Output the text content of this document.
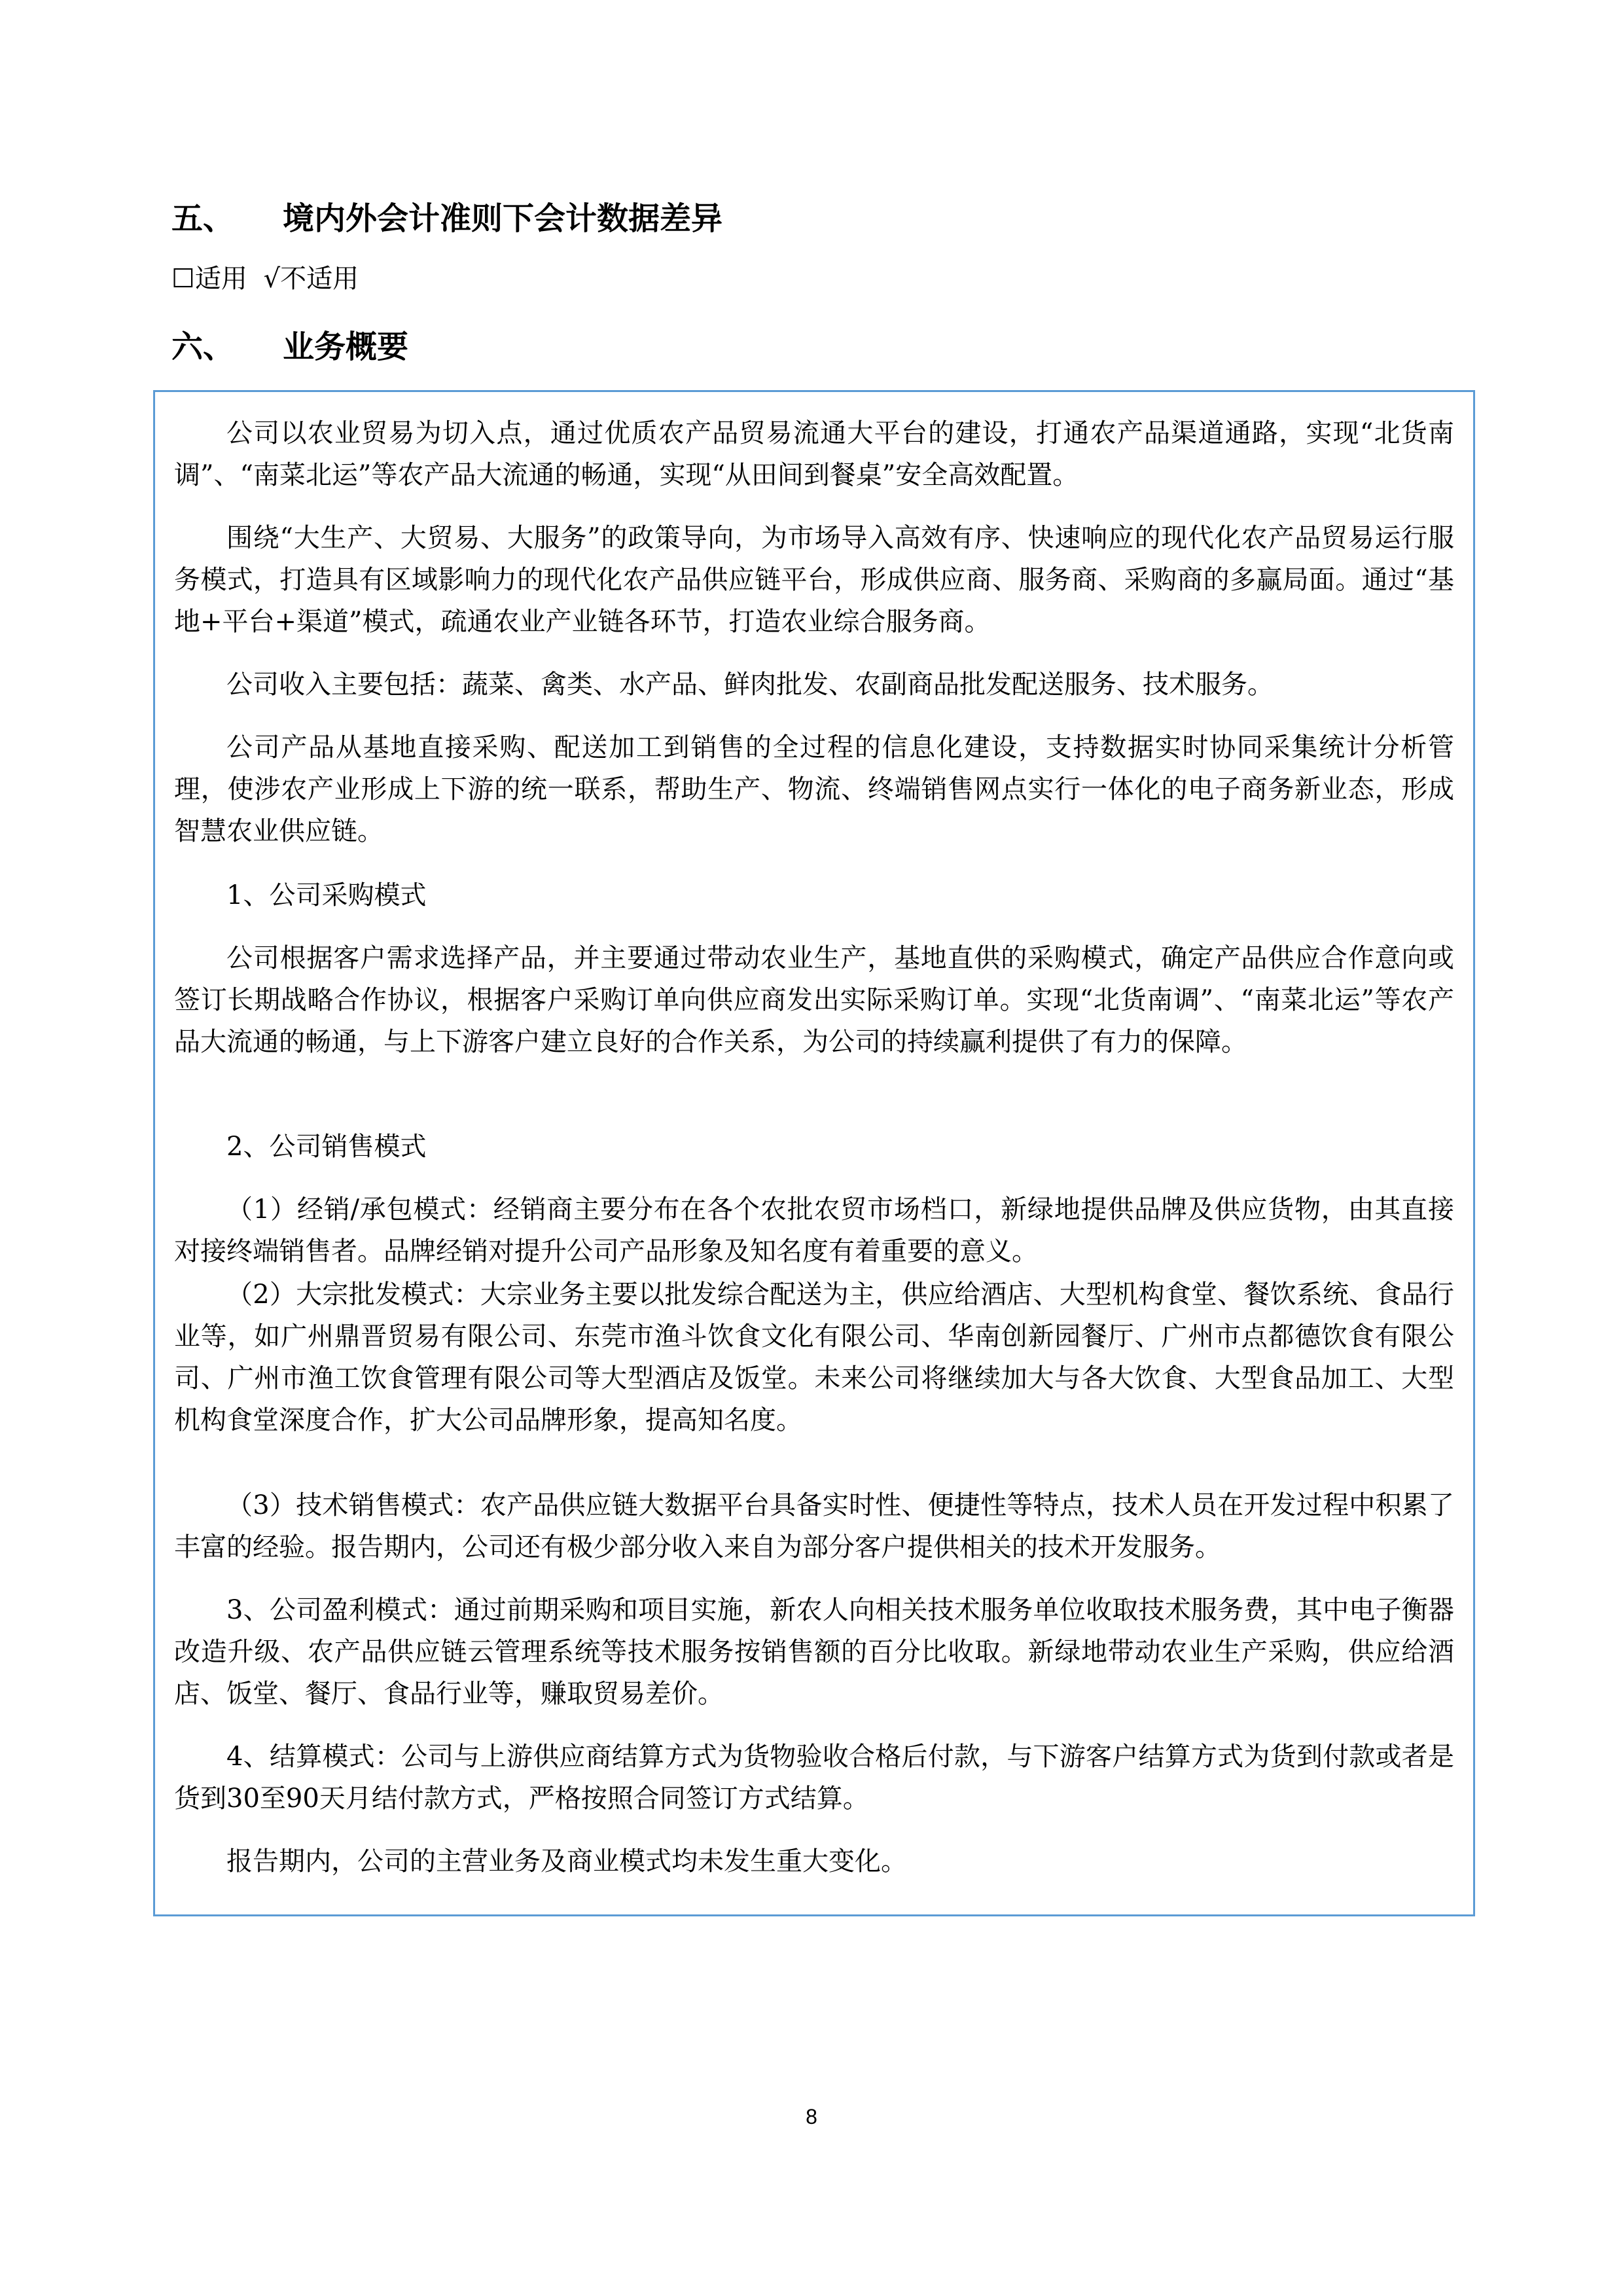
五、 境内外会计准则下会计数据差异
☐适用 √不适用
六、 业务概要

公司以农业贸易为切入点，通过优质农产品贸易流通大平台的建设，打通农产品渠道通路，实现“北货南调”、“南菜北运”等农产品大流通的畅通，实现“从田间到餐桌”安全高效配置。

围绕“大生产、大贸易、大服务”的政策导向，为市场导入高效有序、快速响应的现代化农产品贸易运行服务模式，打造具有区域影响力的现代化农产品供应链平台，形成供应商、服务商、采购商的多赢局面。通过“基地+平台+渠道”模式，疏通农业产业链各环节，打造农业综合服务商。

公司收入主要包括：蔬菜、禽类、水产品、鲜肉批发、农副商品批发配送服务、技术服务。

公司产品从基地直接采购、配送加工到销售的全过程的信息化建设，支持数据实时协同采集统计分析管理，使涉农产业形成上下游的统一联系，帮助生产、物流、终端销售网点实行一体化的电子商务新业态，形成智慧农业供应链。

1、公司采购模式

公司根据客户需求选择产品，并主要通过带动农业生产，基地直供的采购模式，确定产品供应合作意向或签订长期战略合作协议，根据客户采购订单向供应商发出实际采购订单。实现“北货南调”、“南菜北运”等农产品大流通的畅通，与上下游客户建立良好的合作关系，为公司的持续赢利提供了有力的保障。

2、公司销售模式

（1）经销/承包模式：经销商主要分布在各个农批农贸市场档口，新绿地提供品牌及供应货物，由其直接对接终端销售者。品牌经销对提升公司产品形象及知名度有着重要的意义。

（2）大宗批发模式：大宗业务主要以批发综合配送为主，供应给酒店、大型机构食堂、餐饮系统、食品行业等，如广州鼎晋贸易有限公司、东莞市渔斗饮食文化有限公司、华南创新园餐厅、广州市点都德饮食有限公司、广州市渔工饮食管理有限公司等大型酒店及饭堂。未来公司将继续加大与各大饮食、大型食品加工、大型机构食堂深度合作，扩大公司品牌形象，提高知名度。

（3）技术销售模式：农产品供应链大数据平台具备实时性、便捷性等特点，技术人员在开发过程中积累了丰富的经验。报告期内，公司还有极少部分收入来自为部分客户提供相关的技术开发服务。

3、公司盈利模式：通过前期采购和项目实施，新农人向相关技术服务单位收取技术服务费，其中电子衡器改造升级、农产品供应链云管理系统等技术服务按销售额的百分比收取。新绿地带动农业生产采购，供应给酒店、饭堂、餐厅、食品行业等，赚取贸易差价。

4、结算模式：公司与上游供应商结算方式为货物验收合格后付款，与下游客户结算方式为货到付款或者是货到30至90天月结付款方式，严格按照合同签订方式结算。

报告期内，公司的主营业务及商业模式均未发生重大变化。

8
